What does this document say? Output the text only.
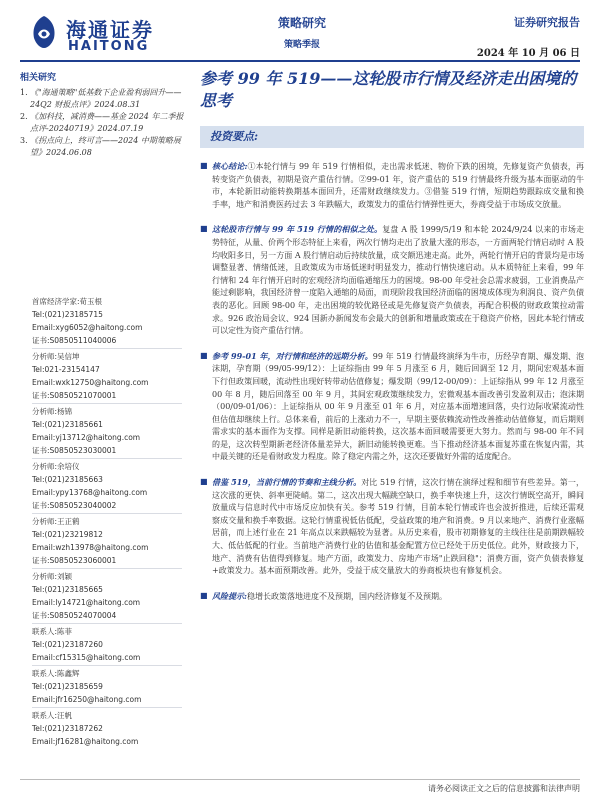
海通证券
HAITONG
策略研究
策略季报
证券研究报告
2024 年 10 月 06 日
相关研究
1. 《"海通策略"低基数下企业盈利弱回升——24Q2 财报点评》2024.08.31
2. 《加科技，减消费——基金 2024 年二季报点评-20240719》2024.07.19
3. 《拐点向上，终可言——2024 中期策略展望》2024.06.08
首席经济学家:荀玉根
Tel:(021)23185715
Email:xyg6052@haitong.com
证书:S0850511040006
分析师:吴信坤
Tel:021-23154147
Email:wxk12750@haitong.com
证书:S0850521070001
分析师:杨锦
Tel:(021)23185661
Email:yj13712@haitong.com
证书:S0850523030001
分析师:余培仪
Tel:(021)23185663
Email:ypy13768@haitong.com
证书:S0850523040002
分析师:王正鹤
Tel:(021)23219812
Email:wzh13978@haitong.com
证书:S0850523060001
分析师:刘颖
Tel:(021)23185665
Email:ly14721@haitong.com
证书:S0850524070004
联系人:陈菲
Tel:(021)23187260
Email:cf15315@haitong.com
联系人:陈鑫辉
Tel:(021)23185659
Email:jfr16250@haitong.com
联系人:汪帆
Tel:(021)23187262
Email:jf16281@haitong.com
参考 99 年 519——这轮股市行情及经济走出困境的思考
投资要点:
■ 核心结论:①本轮行情与 99 年 519 行情相似，走出需求低迷、物价下跌的困境，先修复资产负债表，再转变资产负债表，初期是资产重估行情。②99-01 年，资产重估的 519 行情最终升级为基本面驱动的牛市，本轮新旧动能转换期基本面回升，还需财政继续发力。③借鉴 519 行情，短期趋势跟踪成交量和换手率，地产和消费医药过去 3 年跌幅大，政策发力的重估行情弹性更大，券商受益于市场成交放量。
■ 这轮股市行情与 99 年 519 行情的相似之处。复盘 A 股 1999/5/19 和本轮 2024/9/24 以来的市场走势特征，从量、价两个形态特征上来看，两次行情均走出了放量大涨的形态，一方面两轮行情启动时 A 股均收阳多日，另一方面 A 股行情启动后持续放量，成交额迅速走高。此外，两轮行情开启的背景均是市场调整显著、情绪低迷，且政策成为市场低迷时明显发力，推动行情快速启动。从本质特征上来看，99 年行情和 24 年行情开启时的宏观经济均面临通缩压力的困境。98-00 年受社会总需求疲弱，工业消费品产能过剩影响，我国经济曾一度陷入通缩的局面，而现阶段我国经济面临的困境成体现为利润良、资产负债表的恶化。回顾 98-00 年，走出困境的较优路径或是先修复资产负债表，再配合积极的财政政策拉动需求。926 政治局会议、924 国新办新闻发布会最大的创新和增量政策或在于稳资产价格，因此本轮行情或可以定性为资产重估行情。
■ 参考 99-01 年，对行情和经济的远期分析。99 年 519 行情最终演绎为牛市，历经孕育期、爆发期、泡沫期，孕育期（99/05-99/12）：上证综指由 99 年 5 月涨至 6 月，随后回调至 12 月，期间宏观基本面下行但政策回暖，流动性出现好转带动估值修复；爆发期（99/12-00/09）：上证综指从 99 年 12 月涨至 00 年 8 月，随后回落至 00 年 9 月，其间宏观政策继续发力，宏微观基本面改善引发盈利双击；泡沫期（00/09-01/06）：上证综指从 00 年 9 月涨至 01 年 6 月，对应基本面增速回落，央行边际收紧流动性但估值却继续上行。总体来看，前后的上涨动力不一，早期主要依赖流动性改善推动估值修复，而后期则需求实的基本面作为支撑。同样是新旧动能转换，这次基本面回暖需要更大努力。然而与 98-00 年不同的是，这次转型期新老经济体量差异大，新旧动能转换更难。当下推动经济基本面复苏重在恢复内需，其中最关键的还是看财政发力程度。除了稳定内需之外，这次还要做好外需的适度配合。
■ 借鉴 519，当前行情的节奏和主线分析。对比 519 行情，这次行情在演绎过程和细节有些差异。第一，这次涨的更快、斜率更陡峭。第二，这次出现大幅跳空缺口，换手率快速上升，这次行情既空高开，瞬间放量成与信息时代中市场反应加快有关。参考 519 行情，目前本轮行情或许也会波折推进，后续还需观察成交量和换手率数据。这轮行情重视低估低配，受益政策的地产和消费。9 月以来地产、消费行业涨幅居前，而上述行业在 21 年高点以来跌幅较为显著。从历史来看，股市初期修复的主线往往是前期跌幅较大、低估低配的行业。当前地产消费行业的估值和基金配置方位已经处于历史低位。此外，财政接力下，地产、消费有估值得到修复。地产方面，政策发力、房地产市场"止跌回稳"；消费方面，资产负债表修复+政策发力。基本面预期改善。此外，受益于成交量放大的券商板块也有修复机会。
■ 风险提示:稳增长政策落地进度不及预期，国内经济修复不及预期。
请务必阅读正文之后的信息披露和法律声明
